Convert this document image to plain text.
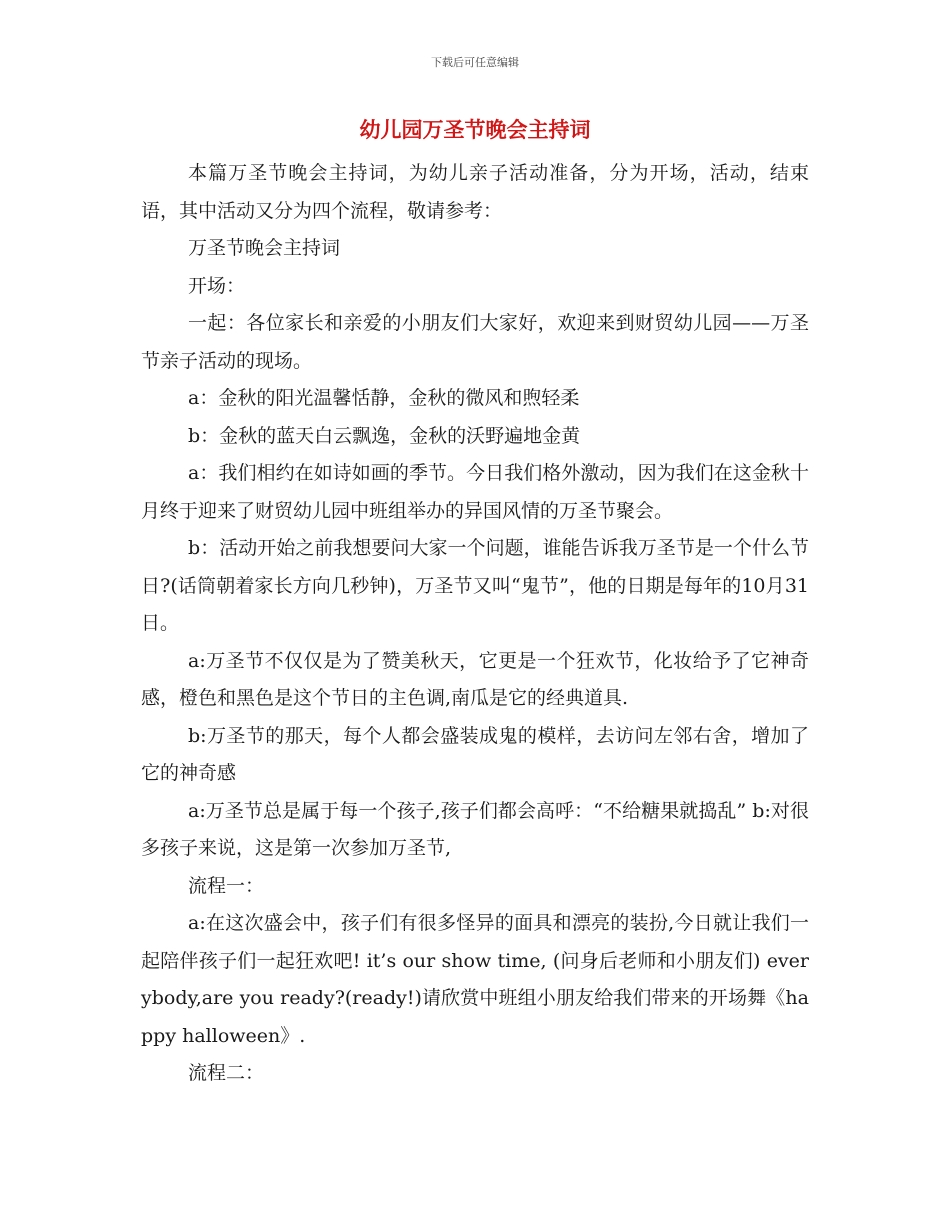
下载后可任意编辑
幼儿园万圣节晚会主持词

本篇万圣节晚会主持词，为幼儿亲子活动准备，分为开场，活动，结束语，其中活动又分为四个流程，敬请参考：

万圣节晚会主持词

开场：

一起：各位家长和亲爱的小朋友们大家好，欢迎来到财贸幼儿园——万圣节亲子活动的现场。

a：金秋的阳光温馨恬静，金秋的微风和煦轻柔

b：金秋的蓝天白云飘逸，金秋的沃野遍地金黄

a：我们相约在如诗如画的季节。今日我们格外激动，因为我们在这金秋十月终于迎来了财贸幼儿园中班组举办的异国风情的万圣节聚会。

b：活动开始之前我想要问大家一个问题，谁能告诉我万圣节是一个什么节日?(话筒朝着家长方向几秒钟)，万圣节又叫“鬼节”，他的日期是每年的10月31日。

a:万圣节不仅仅是为了赞美秋天，它更是一个狂欢节，化妆给予了它神奇感，橙色和黑色是这个节日的主色调,南瓜是它的经典道具.

b:万圣节的那天，每个人都会盛装成鬼的模样，去访问左邻右舍，增加了它的神奇感

a:万圣节总是属于每一个孩子,孩子们都会高呼：“不给糖果就捣乱” b:对很多孩子来说，这是第一次参加万圣节,

流程一：

a:在这次盛会中，孩子们有很多怪异的面具和漂亮的装扮,今日就让我们一起陪伴孩子们一起狂欢吧! it’s our show time, (问身后老师和小朋友们) everybody,are you ready?(ready!)请欣赏中班组小朋友给我们带来的开场舞《happy halloween》.

流程二：
